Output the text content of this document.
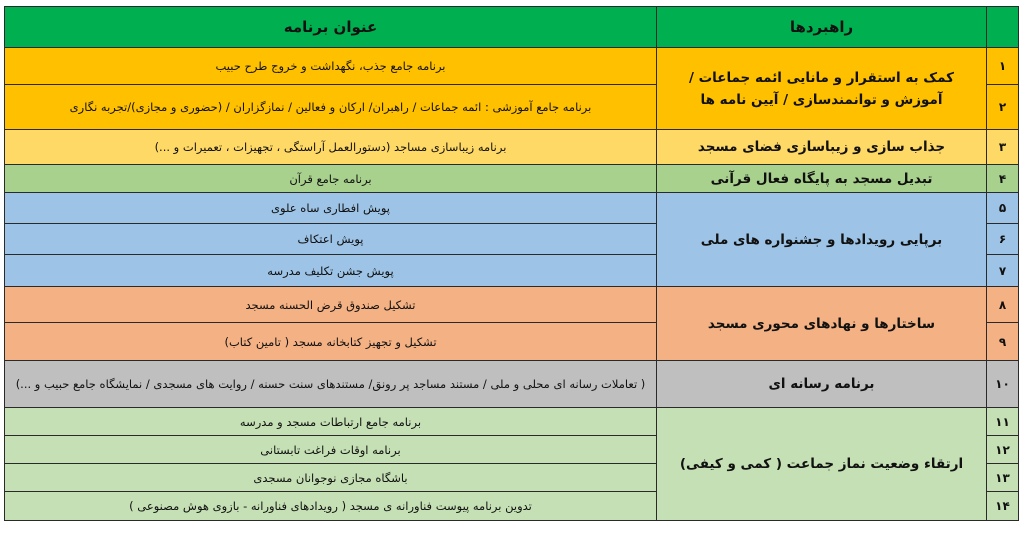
	راهبردها	عنوان برنامه
۱	کمک به استقرار و مانایی ائمه جماعات / آموزش و توانمندسازی / آیین نامه ها	برنامه جامع جذب، نگهداشت و خروج طرح حبیب
۲		برنامه جامع آموزشی : ائمه جماعات / راهبران/ ارکان و فعالین / نمازگزاران / (حضوری و مجازی)/تجربه نگاری
۳	جذاب سازی و زیباسازی فضای مسجد	برنامه زیباسازی مساجد (دستورالعمل آراستگی ، تجهیزات ، تعمیرات و ...)
۴	تبدیل مسجد به پایگاه فعال قرآنی	برنامه جامع قرآن
۵	برپایی رویدادها و جشنواره های ملی	پویش افطاری ساه علوی
۶		پویش اعتکاف
۷		پویش جشن تکلیف مدرسه
۸	ساختارها و نهادهای محوری مسجد	تشکیل صندوق قرض الحسنه مسجد
۹		تشکیل و تجهیز کتابخانه مسجد ( تامین کتاب)
۱۰	برنامه رسانه ای	( تعاملات رسانه ای محلی و ملی / مستند مساجد پر رونق/ مستندهای سنت حسنه / روایت های مسجدی / نمایشگاه جامع حبیب و ...)
۱۱	ارتقاء وضعیت نماز جماعت ( کمی و کیفی)	برنامه جامع ارتباطات مسجد و مدرسه
۱۲		برنامه اوقات فراغت تابستانی
۱۳		باشگاه مجازی نوجوانان مسجدی
۱۴		تدوین برنامه پیوست فناورانه ی مسجد ( رویدادهای فناورانه - بازوی هوش مصنوعی )
